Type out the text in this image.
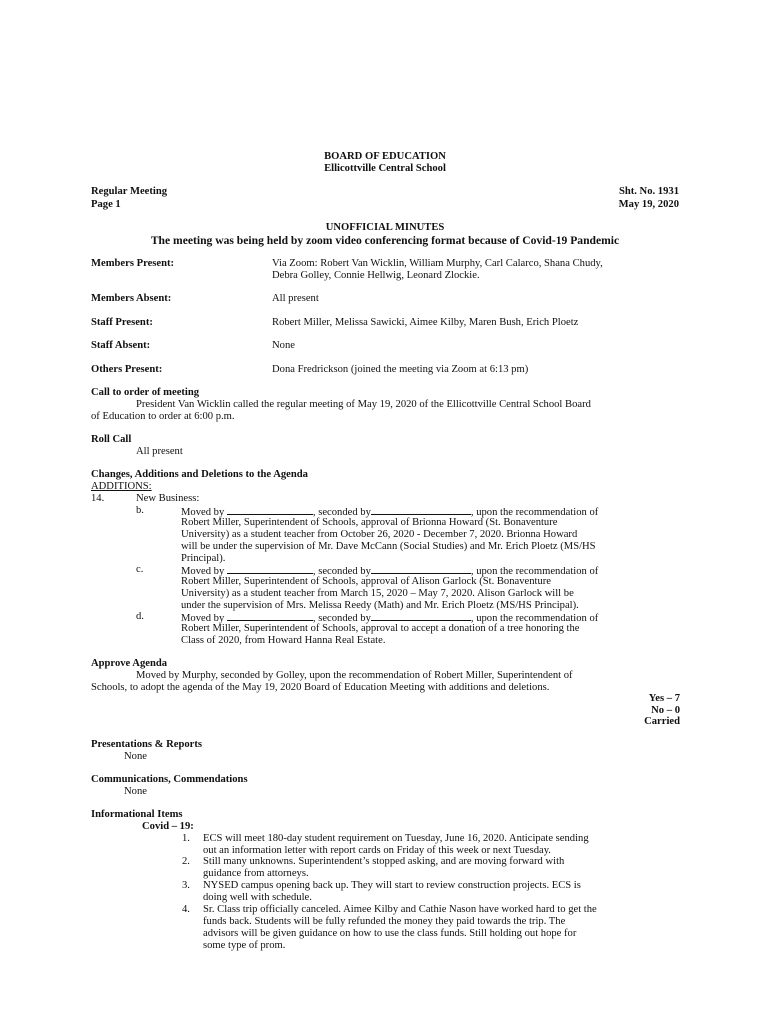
BOARD OF EDUCATION
Ellicottville Central School
Regular Meeting
Page 1
Sht. No. 1931
May 19, 2020
UNOFFICIAL MINUTES
The meeting was being held by zoom video conferencing format because of Covid-19 Pandemic
Members Present:	Via Zoom: Robert Van Wicklin, William Murphy, Carl Calarco, Shana Chudy,
Debra Golley, Connie Hellwig, Leonard Zlockie.
Members Absent:	All present
Staff Present:	Robert Miller, Melissa Sawicki, Aimee Kilby, Maren Bush, Erich Ploetz
Staff Absent:	None
Others Present:	Dona Fredrickson (joined the meeting via Zoom at 6:13 pm)
Call to order of meeting
President Van Wicklin called the regular meeting of May 19, 2020 of the Ellicottville Central School Board
of Education to order at 6:00 p.m.
Roll Call
All present
Changes, Additions and Deletions to the Agenda
ADDITIONS:
14.	New Business:
b.	Moved by	, seconded by	, upon the recommendation of
Robert Miller, Superintendent of Schools, approval of Brionna Howard (St. Bonaventure
University) as a student teacher from October 26, 2020 - December 7, 2020. Brionna Howard
will be under the supervision of Mr. Dave McCann (Social Studies) and Mr. Erich Ploetz (MS/HS
Principal).
c.	Moved by	, seconded by	, upon the recommendation of
Robert Miller, Superintendent of Schools, approval of Alison Garlock (St. Bonaventure
University) as a student teacher from March 15, 2020 – May 7, 2020. Alison Garlock will be
under the supervision of Mrs. Melissa Reedy (Math) and Mr. Erich Ploetz (MS/HS Principal).
d.	Moved by	, seconded by	, upon the recommendation of
Robert Miller, Superintendent of Schools, approval to accept a donation of a tree honoring the
Class of 2020, from Howard Hanna Real Estate.
Approve Agenda
Moved by Murphy, seconded by Golley, upon the recommendation of Robert Miller, Superintendent of
Schools, to adopt the agenda of the May 19, 2020 Board of Education Meeting with additions and deletions.
Yes – 7
No – 0
Carried
Presentations & Reports
None
Communications, Commendations
None
Informational Items
Covid – 19:
1. ECS will meet 180-day student requirement on Tuesday, June 16, 2020. Anticipate sending
out an information letter with report cards on Friday of this week or next Tuesday.
2. Still many unknowns. Superintendent’s stopped asking, and are moving forward with
guidance from attorneys.
3. NYSED campus opening back up. They will start to review construction projects. ECS is
doing well with schedule.
4. Sr. Class trip officially canceled. Aimee Kilby and Cathie Nason have worked hard to get the
funds back. Students will be fully refunded the money they paid towards the trip. The
advisors will be given guidance on how to use the class funds. Still holding out hope for
some type of prom.
